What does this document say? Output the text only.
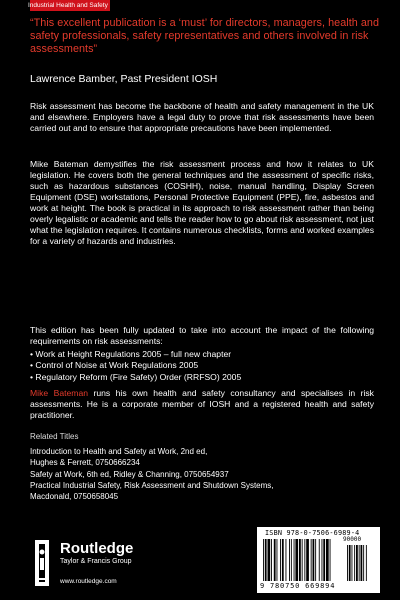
Industrial Health and Safety
“This excellent publication is a ‘must’ for directors, managers, health and safety professionals, safety representatives and others involved in risk assessments”
Lawrence Bamber, Past President IOSH
Risk assessment has become the backbone of health and safety management in the UK and elsewhere. Employers have a legal duty to prove that risk assessments have been carried out and to ensure that appropriate precautions have been implemented.
Mike Bateman demystifies the risk assessment process and how it relates to UK legislation. He covers both the general techniques and the assessment of specific risks, such as hazardous substances (COSHH), noise, manual handling, Display Screen Equipment (DSE) workstations, Personal Protective Equipment (PPE), fire, asbestos and work at height. The book is practical in its approach to risk assessment rather than being overly legalistic or academic and tells the reader how to go about risk assessment, not just what the legislation requires. It contains numerous checklists, forms and worked examples for a variety of hazards and industries.
This edition has been fully updated to take into account the impact of the following requirements on risk assessments:
• Work at Height Regulations 2005 – full new chapter
• Control of Noise at Work Regulations 2005
• Regulatory Reform (Fire Safety) Order (RRFSO) 2005
Mike Bateman runs his own health and safety consultancy and specialises in risk assessments. He is a corporate member of IOSH and a registered health and safety practitioner.
Related Titles
Introduction to Health and Safety at Work, 2nd ed,
Hughes & Ferrett, 0750666234
Safety at Work, 6th ed, Ridley & Channing, 0750654937
Practical Industrial Safety, Risk Assessment and Shutdown Systems,
Macdonald, 0750658045
Routledge
Taylor & Francis Group
www.routledge.com
ISBN 978-0-7506-6989-4
90000
9 780750 669894
